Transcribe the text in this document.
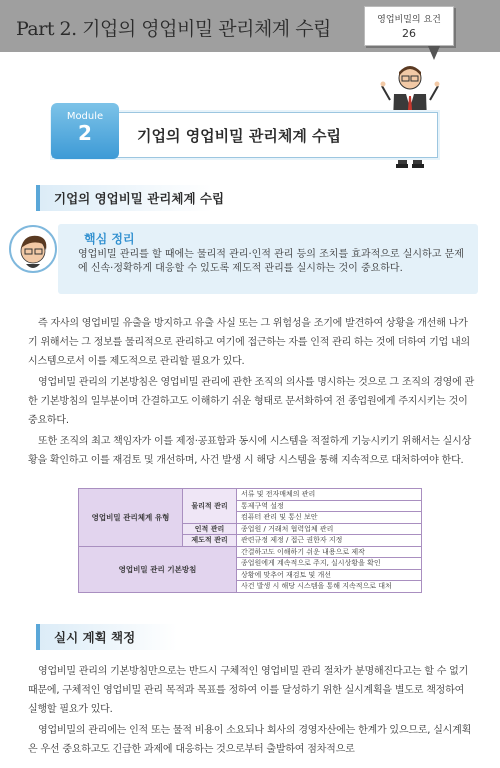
Part 2. 기업의 영업비밀 관리체계 수립	영업비밀의 요건
26
Module
2	기업의 영업비밀 관리체계 수립
기업의 영업비밀 관리체계 수립
핵심 정리
영업비밀 관리를 할 때에는 물리적 관리·인적 관리 등의 조치를 효과적으로 실시하고 문제에 신속·정확하게 대응할 수 있도록 제도적 관리를 실시하는 것이 중요하다.
즉 자사의 영업비밀 유출을 방지하고 유출 사실 또는 그 위험성을 조기에 발견하여 상황을 개선해 나가기 위해서는 그 정보를 물리적으로 관리하고 여기에 접근하는 자를 인적 관리 하는 것에 더하여 기업 내의 시스템으로서 이를 제도적으로 관리할 필요가 있다.
영업비밀 관리의 기본방침은 영업비밀 관리에 관한 조직의 의사를 명시하는 것으로 그 조직의 경영에 관한 기본방침의 일부분이며 간결하고도 이해하기 쉬운 형태로 문서화하여 전 종업원에게 주지시키는 것이 중요하다.
또한 조직의 최고 책임자가 이를 제정·공표함과 동시에 시스템을 적절하게 기능시키기 위해서는 실시상황을 확인하고 이를 재검토 및 개선하며, 사건 발생 시 해당 시스템을 통해 지속적으로 대처하여야 한다.
영업비밀 관리체계 유형	물리적 관리	서류 및 전자매체의 관리
		통제구역 설정
		컴퓨터 관리 및 통신 보안
	인적 관리	종업원 / 거래처 협력업체 관리
	제도적 관리	관련규정 제정 / 접근 권한자 지정
영업비밀 관리 기본방침		간결하고도 이해하기 쉬운 내용으로 제작
		종업원에게 계속적으로 주지, 실시상황을 확인
		상황에 맞추어 재검토 및 개선
		사건 발생 시 해당 시스템을 통해 지속적으로 대처
실시 계획 책정
영업비밀 관리의 기본방침만으로는 반드시 구체적인 영업비밀 관리 절차가 분명해진다고는 할 수 없기 때문에, 구체적인 영업비밀 관리 목적과 목표를 정하여 이를 달성하기 위한 실시계획을 별도로 책정하여 실행할 필요가 있다.
영업비밀의 관리에는 인적 또는 물적 비용이 소요되나 회사의 경영자산에는 한계가 있으므로, 실시계획은 우선 중요하고도 긴급한 과제에 대응하는 것으로부터 출발하여 점차적으로
